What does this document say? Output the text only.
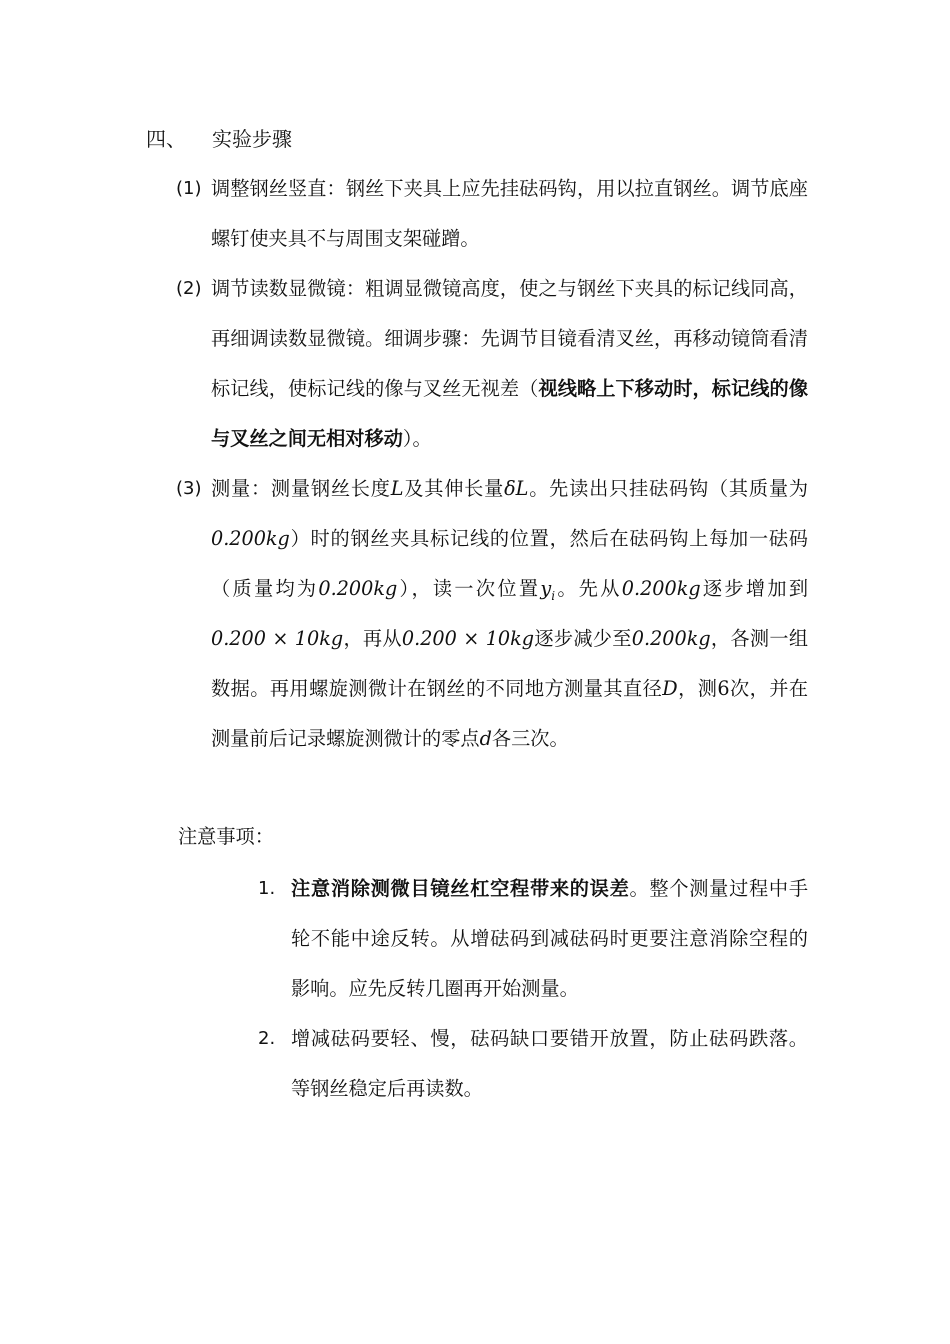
四、 实验步骤
(1) 调整钢丝竖直：钢丝下夹具上应先挂砝码钩，用以拉直钢丝。调节底座螺钉使夹具不与周围支架碰蹭。
(2) 调节读数显微镜：粗调显微镜高度，使之与钢丝下夹具的标记线同高，再细调读数显微镜。细调步骤：先调节目镜看清叉丝，再移动镜筒看清标记线，使标记线的像与叉丝无视差（视线略上下移动时，标记线的像与叉丝之间无相对移动）。
(3) 测量：测量钢丝长度L及其伸长量δL。先读出只挂砝码钩（其质量为0.200kg）时的钢丝夹具标记线的位置，然后在砝码钩上每加一砝码（质量均为0.200kg），读一次位置$y_i$。先从0.200kg逐步增加到0.200 × 10kg，再从0.200 × 10kg逐步减少至0.200kg，各测一组数据。再用螺旋测微计在钢丝的不同地方测量其直径D，测6次，并在测量前后记录螺旋测微计的零点d各三次。
注意事项：
1. 注意消除测微目镜丝杠空程带来的误差。整个测量过程中手轮不能中途反转。从增砝码到减砝码时更要注意消除空程的影响。应先反转几圈再开始测量。
2. 增减砝码要轻、慢，砝码缺口要错开放置，防止砝码跌落。等钢丝稳定后再读数。
